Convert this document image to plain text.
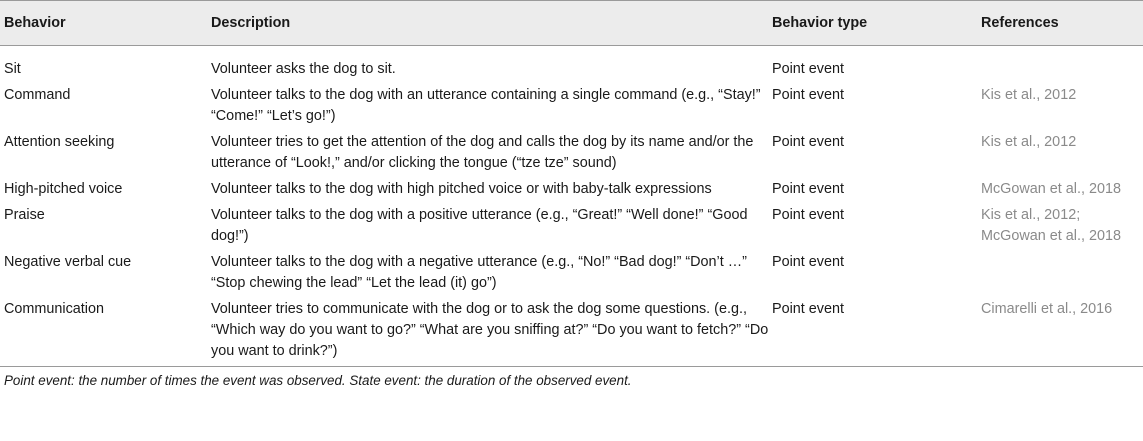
Behavior	Description	Behavior type	References
Sit	Volunteer asks the dog to sit.	Point event	
Command	Volunteer talks to the dog with an utterance containing a single command (e.g., “Stay!” “Come!” “Let’s go!”)	Point event	Kis et al., 2012
Attention seeking	Volunteer tries to get the attention of the dog and calls the dog by its name and/or the utterance of “Look!,” and/or clicking the tongue (“tze tze” sound)	Point event	Kis et al., 2012
High-pitched voice	Volunteer talks to the dog with high pitched voice or with baby-talk expressions	Point event	McGowan et al., 2018
Praise	Volunteer talks to the dog with a positive utterance (e.g., “Great!” “Well done!” “Good dog!”)	Point event	Kis et al., 2012; McGowan et al., 2018
Negative verbal cue	Volunteer talks to the dog with a negative utterance (e.g., “No!” “Bad dog!” “Don’t …” “Stop chewing the lead” “Let the lead (it) go”)	Point event	
Communication	Volunteer tries to communicate with the dog or to ask the dog some questions. (e.g., “Which way do you want to go?” “What are you sniffing at?” “Do you want to fetch?” “Do you want to drink?”)	Point event	Cimarelli et al., 2016
Point event: the number of times the event was observed. State event: the duration of the observed event.
